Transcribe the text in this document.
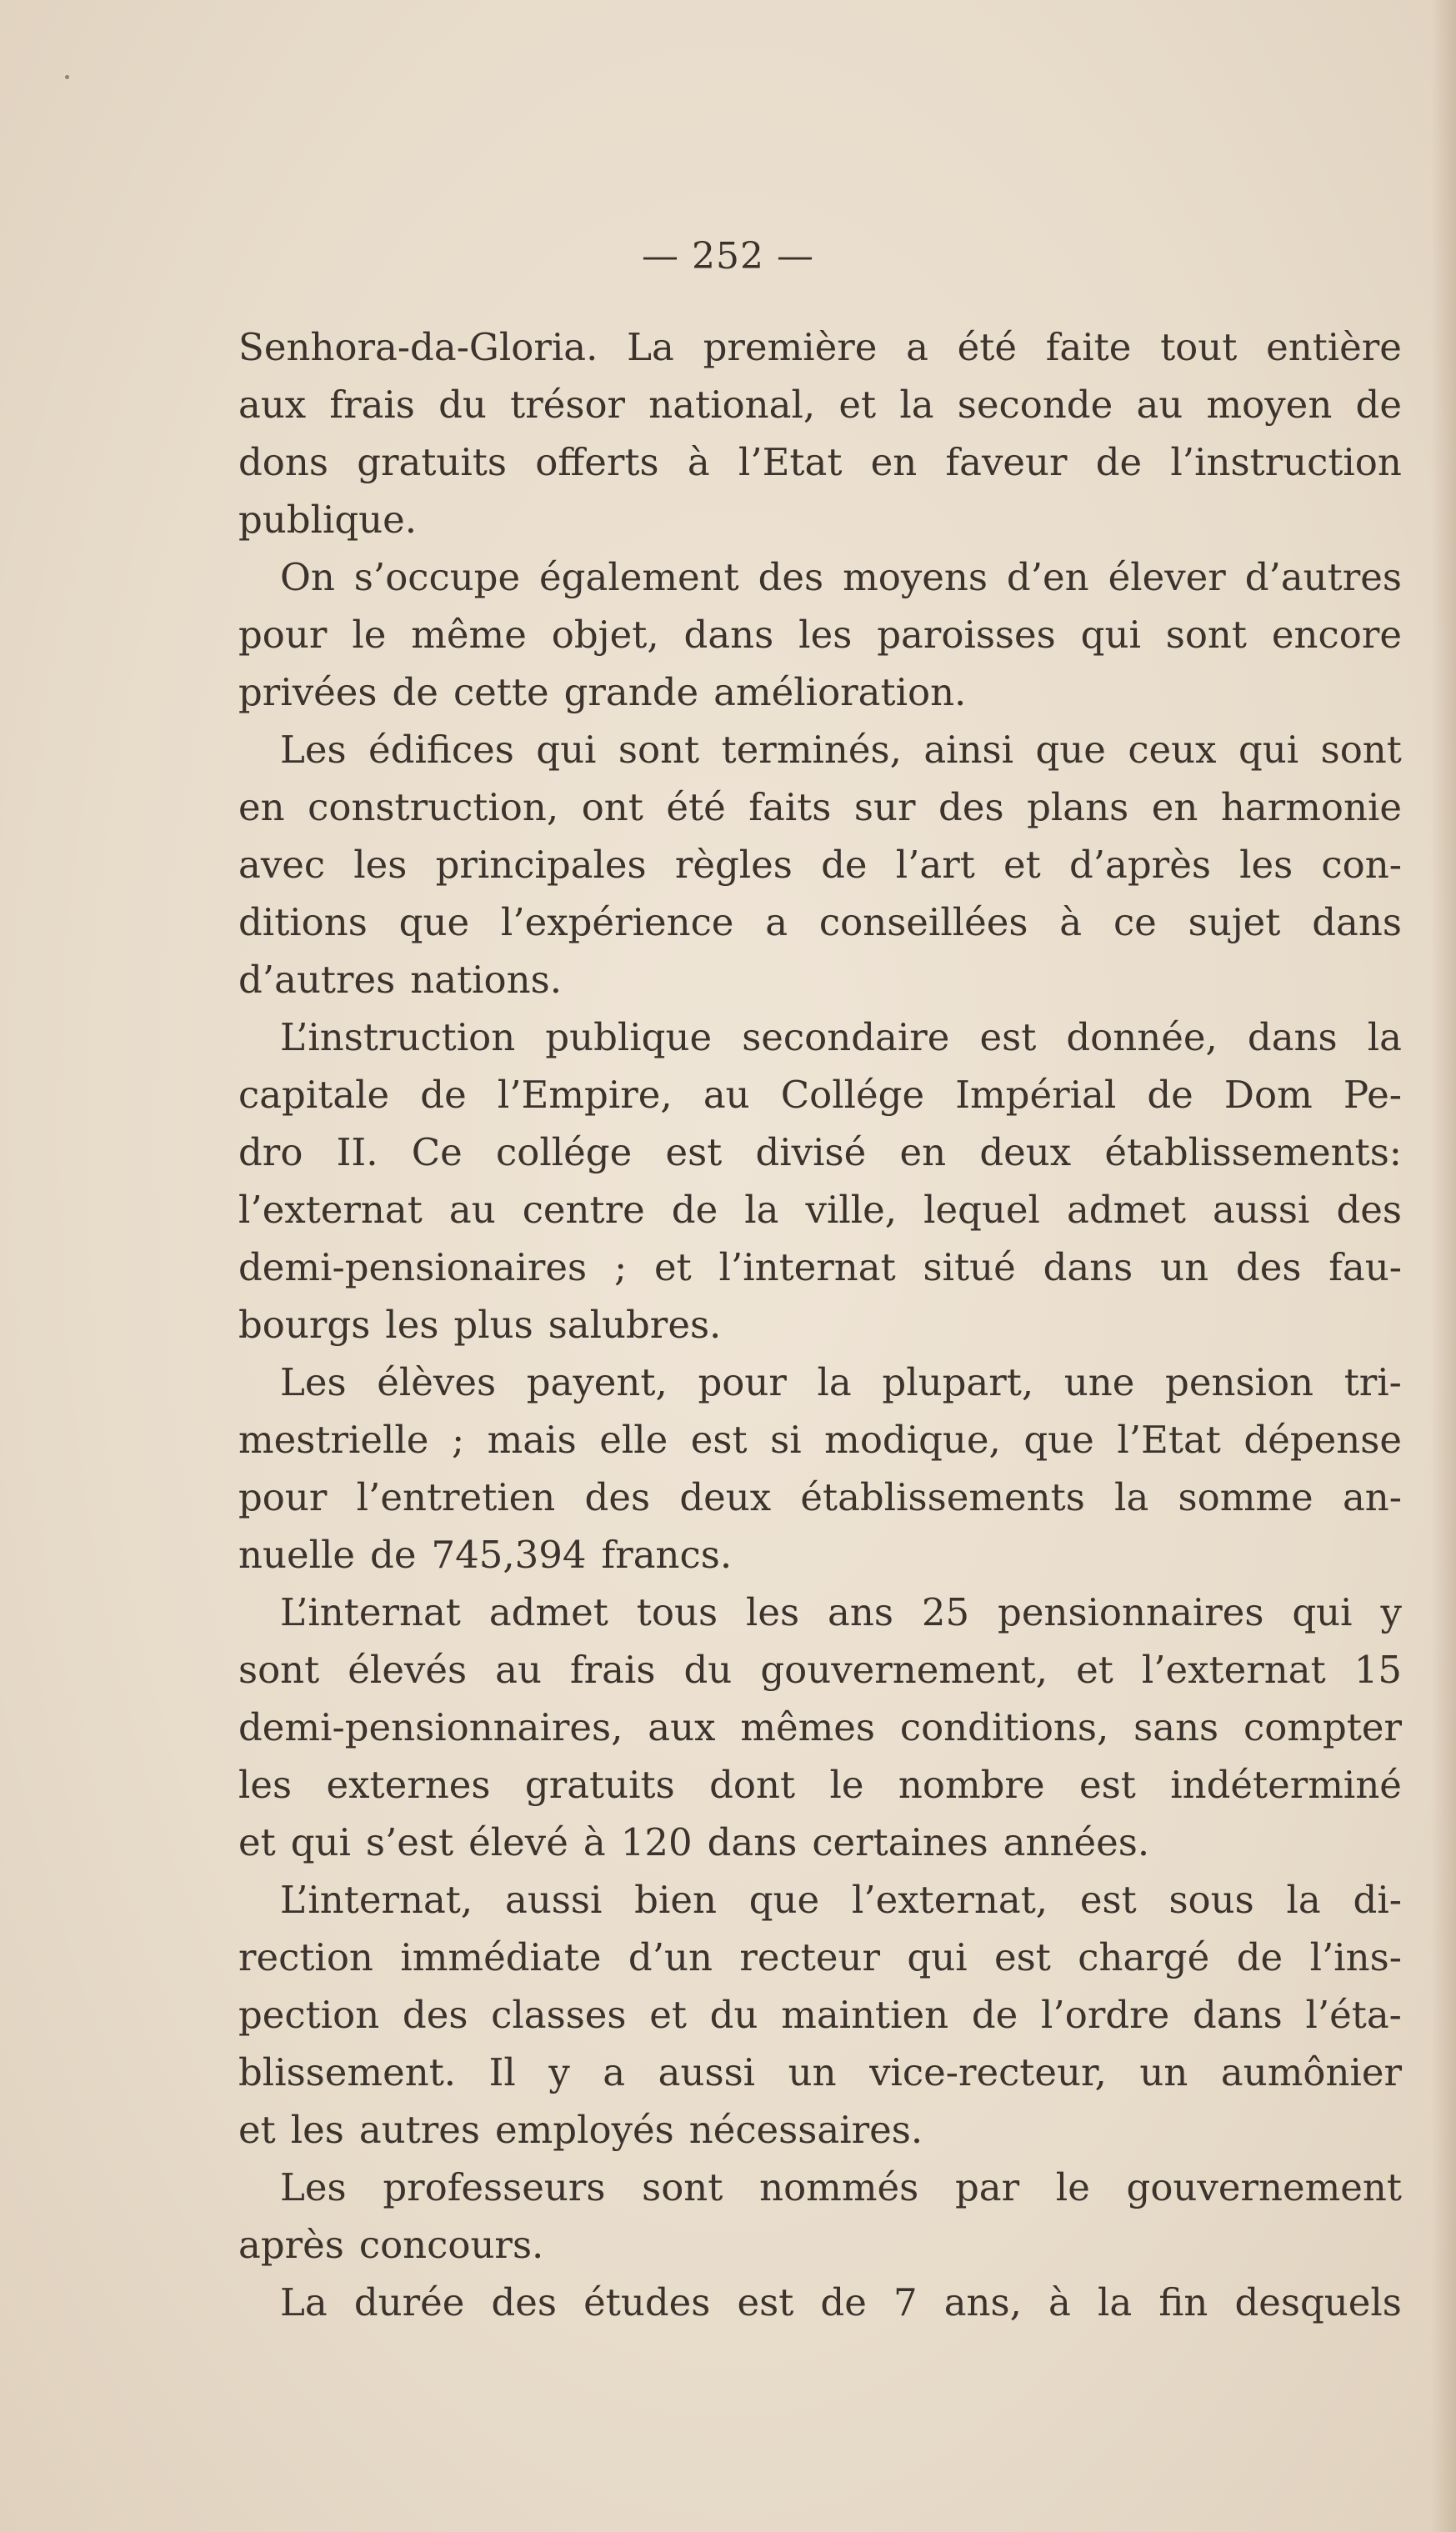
— 252 —
Senhora-da-Gloria. La première a été faite tout entière
aux frais du trésor national, et la seconde au moyen de
dons gratuits offerts à l’Etat en faveur de l’instruction
publique.
On s’occupe également des moyens d’en élever d’autres
pour le même objet, dans les paroisses qui sont encore
privées de cette grande amélioration.
Les édifices qui sont terminés, ainsi que ceux qui sont
en construction, ont été faits sur des plans en harmonie
avec les principales règles de l’art et d’après les con-
ditions que l’expérience a conseillées à ce sujet dans
d’autres nations.
L’instruction publique secondaire est donnée, dans la
capitale de l’Empire, au Collége Impérial de Dom Pe-
dro II. Ce collége est divisé en deux établissements:
l’externat au centre de la ville, lequel admet aussi des
demi-pensionaires ; et l’internat situé dans un des fau-
bourgs les plus salubres.
Les élèves payent, pour la plupart, une pension tri-
mestrielle ; mais elle est si modique, que l’Etat dépense
pour l’entretien des deux établissements la somme an-
nuelle de 745,394 francs.
L’internat admet tous les ans 25 pensionnaires qui y
sont élevés au frais du gouvernement, et l’externat 15
demi-pensionnaires, aux mêmes conditions, sans compter
les externes gratuits dont le nombre est indéterminé
et qui s’est élevé à 120 dans certaines années.
L’internat, aussi bien que l’externat, est sous la di-
rection immédiate d’un recteur qui est chargé de l’ins-
pection des classes et du maintien de l’ordre dans l’éta-
blissement. Il y a aussi un vice-recteur, un aumônier
et les autres employés nécessaires.
Les professeurs sont nommés par le gouvernement
après concours.
La durée des études est de 7 ans, à la fin desquels
